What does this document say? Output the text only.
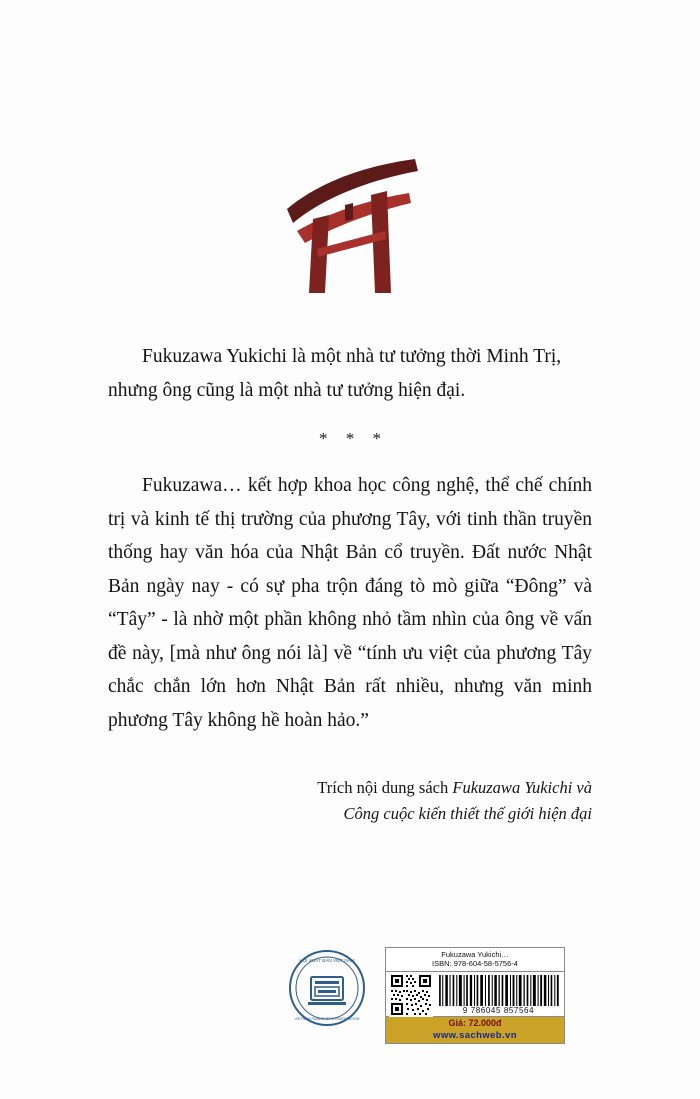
Fukuzawa Yukichi là một nhà tư tưởng thời Minh Trị, nhưng ông cũng là một nhà tư tưởng hiện đại.

* * *

Fukuzawa… kết hợp khoa học công nghệ, thể chế chính trị và kinh tế thị trường của phương Tây, với tinh thần truyền thống hay văn hóa của Nhật Bản cổ truyền. Đất nước Nhật Bản ngày nay - có sự pha trộn đáng tò mò giữa “Đông” và “Tây” - là nhờ một phần không nhỏ tầm nhìn của ông về vấn đề này, [mà như ông nói là] về “tính ưu việt của phương Tây chắc chắn lớn hơn Nhật Bản rất nhiều, nhưng văn minh phương Tây không hề hoàn hảo.”

Trích nội dung sách Fukuzawa Yukichi và
Công cuộc kiến thiết thế giới hiện đại
HỘI XUẤT BẢN VIỆT NAM
VIETNAM PUBLISHERS ASSOCIATION
Fukuzawa Yukichi…
ISBN: 978-604-58-5756-4
9 786045 857564
Giá: 72.000đ
www.sachweb.vn
